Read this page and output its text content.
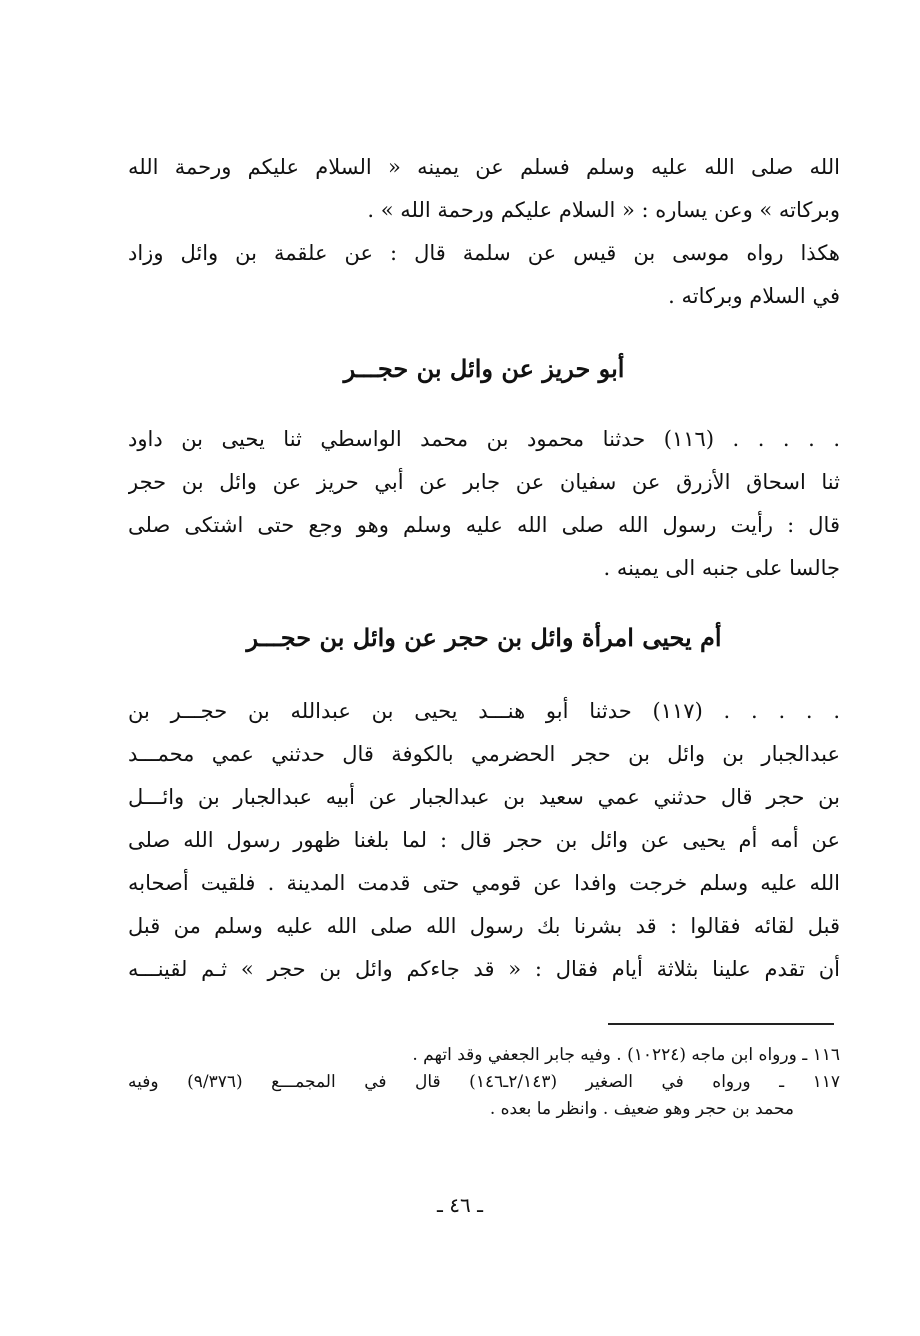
الله صلى الله عليه وسلم فسلم عن يمينه « السلام عليكم ورحمة الله
وبركاته » وعن يساره : « السلام عليكم ورحمة الله » .
هكذا رواه موسى بن قيس عن سلمة قال : عن علقمة بن وائل وزاد
في السلام وبركاته .
أبو حريز عن وائل بن حجـــر
. . . . . (١١٦) حدثنا محمود بن محمد الواسطي ثنا يحيى بن داود
ثنا اسحاق الأزرق عن سفيان عن جابر عن أبي حريز عن وائل بن حجر
قال : رأيت رسول الله صلى الله عليه وسلم وهو وجع حتى اشتكى صلى
جالسا على جنبه الى يمينه .
أم يحيى امرأة وائل بن حجر عن وائل بن حجـــر
. . . . . (١١٧) حدثنا أبو هنـــد يحيى بن عبدالله بن حجـــر بن
عبدالجبار بن وائل بن حجر الحضرمي بالكوفة قال حدثني عمي محمـــد
بن حجر قال حدثني عمي سعيد بن عبدالجبار عن أبيه عبدالجبار بن وائـــل
عن أمه أم يحيى عن وائل بن حجر قال : لما بلغنا ظهور رسول الله صلى
الله عليه وسلم خرجت وافدا عن قومي حتى قدمت المدينة . فلقيت أصحابه
قبل لقائه فقالوا : قد بشرنا بك رسول الله صلى الله عليه وسلم من قبل
أن تقدم علينا بثلاثة أيام فقال : « قد جاءكم وائل بن حجر » ثـم لقينـــه
١١٦ ـ ورواه ابن ماجه (١٠٢٢٤) . وفيه جابر الجعفي وقد اتهم .
١١٧ ـ ورواه في الصغير (٢/١٤٣ـ١٤٦) قال في المجمـــع (٩/٣٧٦) وفيه
محمد بن حجر وهو ضعيف . وانظر ما بعده .
ـ ٤٦ ـ
